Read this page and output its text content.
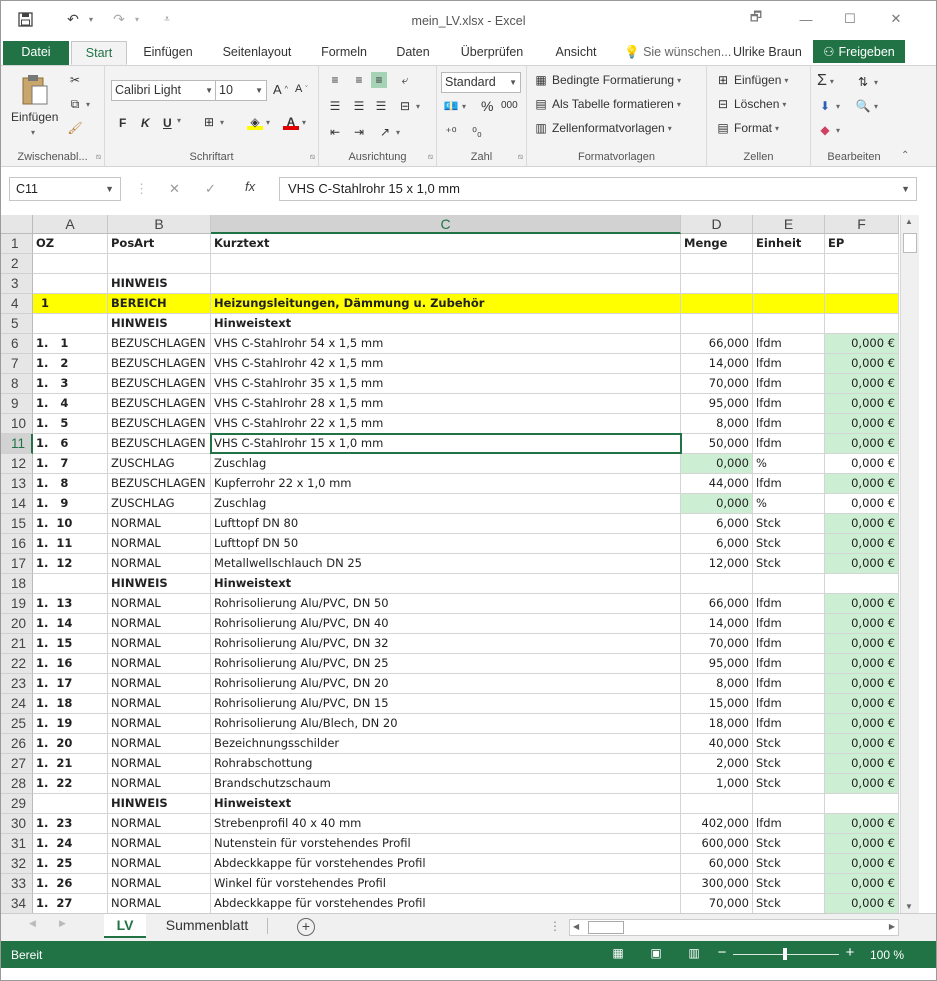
↶	▾	↷	▾	⩡	mein_LV.xlsx - Excel	🗗	—	☐	✕
Datei	Start	Einfügen	Seitenlayout	Formeln	Daten	Überprüfen	Ansicht	💡 Sie wünschen... Ulrike Braun ⚇ Freigeben
Einfügen
▾
✂
⧉ ▾
🖌
Zwischenabl...	⧅
Calibri Light	▼ 10	▼ A ^ A ˇ
F K U ▾ ⊞ ▾ ◈ ▾	A ▾
Schriftart	⧅
≡	≡	≡	⤶
☰ ☰ ☰ ⊟ ▾
⇤ ⇥ ↗ ▾
Ausrichtung	⧅
Standard ▼
💶 ▾ % 000
⁺⁰ ⁰₀
Zahl	⧅
▦ Bedingte Formatierung ▾
▤ Als Tabelle formatieren ▾
▥ Zellenformatvorlagen ▾
Formatvorlagen
⊞ Einfügen ▾
⊟ Löschen ▾
▤ Format ▾
Zellen
Σ ▾ ⇅ ▾
⬇ ▾ 🔍 ▾
◆ ▾
Bearbeiten	⌃
C11	▼ ⋮ ✕ ✓ fx	VHS C-Stahlrohr 15 x 1,0 mm	▼
A	B	C	D	E	F
1	OZ	PosArt	Kurztext	Menge	Einheit	EP
2
3	HINWEIS
4	1	BEREICH	Heizungsleitungen, Dämmung u. Zubehör
5	HINWEIS	Hinweistext
6	1.   1	BEZUSCHLAGEN VHS C-Stahlrohr 54 x 1,5 mm	66,000 lfdm	0,000 €
7	1.   2	BEZUSCHLAGEN VHS C-Stahlrohr 42 x 1,5 mm	14,000 lfdm	0,000 €
8	1.   3	BEZUSCHLAGEN VHS C-Stahlrohr 35 x 1,5 mm	70,000 lfdm	0,000 €
9	1.   4	BEZUSCHLAGEN VHS C-Stahlrohr 28 x 1,5 mm	95,000 lfdm	0,000 €
10 1.   5	BEZUSCHLAGEN VHS C-Stahlrohr 22 x 1,5 mm	8,000 lfdm	0,000 €
11 1.   6	BEZUSCHLAGEN VHS C-Stahlrohr 15 x 1,0 mm	50,000 lfdm	0,000 €
12 1.   7	ZUSCHLAG	Zuschlag	0,000 %	0,000 €
13 1.   8	BEZUSCHLAGEN Kupferrohr 22 x 1,0 mm	44,000 lfdm	0,000 €
14 1.   9	ZUSCHLAG	Zuschlag	0,000 %	0,000 €
15 1.  10	NORMAL	Lufttopf DN 80	6,000 Stck	0,000 €
16 1.  11	NORMAL	Lufttopf DN 50	6,000 Stck	0,000 €
17 1.  12	NORMAL	Metallwellschlauch DN 25	12,000 Stck	0,000 €
18	HINWEIS	Hinweistext
19 1.  13	NORMAL	Rohrisolierung Alu/PVC, DN 50	66,000 lfdm	0,000 €
20 1.  14	NORMAL	Rohrisolierung Alu/PVC, DN 40	14,000 lfdm	0,000 €
21 1.  15	NORMAL	Rohrisolierung Alu/PVC, DN 32	70,000 lfdm	0,000 €
22 1.  16	NORMAL	Rohrisolierung Alu/PVC, DN 25	95,000 lfdm	0,000 €
23 1.  17	NORMAL	Rohrisolierung Alu/PVC, DN 20	8,000 lfdm	0,000 €
24 1.  18	NORMAL	Rohrisolierung Alu/PVC, DN 15	15,000 lfdm	0,000 €
25 1.  19	NORMAL	Rohrisolierung Alu/Blech, DN 20	18,000 lfdm	0,000 €
26 1.  20	NORMAL	Bezeichnungsschilder	40,000 Stck	0,000 €
27 1.  21	NORMAL	Rohrabschottung	2,000 Stck	0,000 €
28 1.  22	NORMAL	Brandschutzschaum	1,000 Stck	0,000 €
29	HINWEIS	Hinweistext
30 1.  23	NORMAL	Strebenprofil 40 x 40 mm	402,000 lfdm	0,000 €
31 1.  24	NORMAL	Nutenstein für vorstehendes Profil	600,000 Stck	0,000 €
32 1.  25	NORMAL	Abdeckkappe für vorstehendes Profil	60,000 Stck	0,000 €
33 1.  26	NORMAL	Winkel für vorstehendes Profil	300,000 Stck	0,000 €
34 1.  27	NORMAL	Abdeckkappe für vorstehendes Profil	70,000 Stck	0,000 €
▲
▼
◀	▶	LV	Summenblatt	+	⋮ ◀	▶
Bereit	▦ ▣ ▥	−	+	100 %
